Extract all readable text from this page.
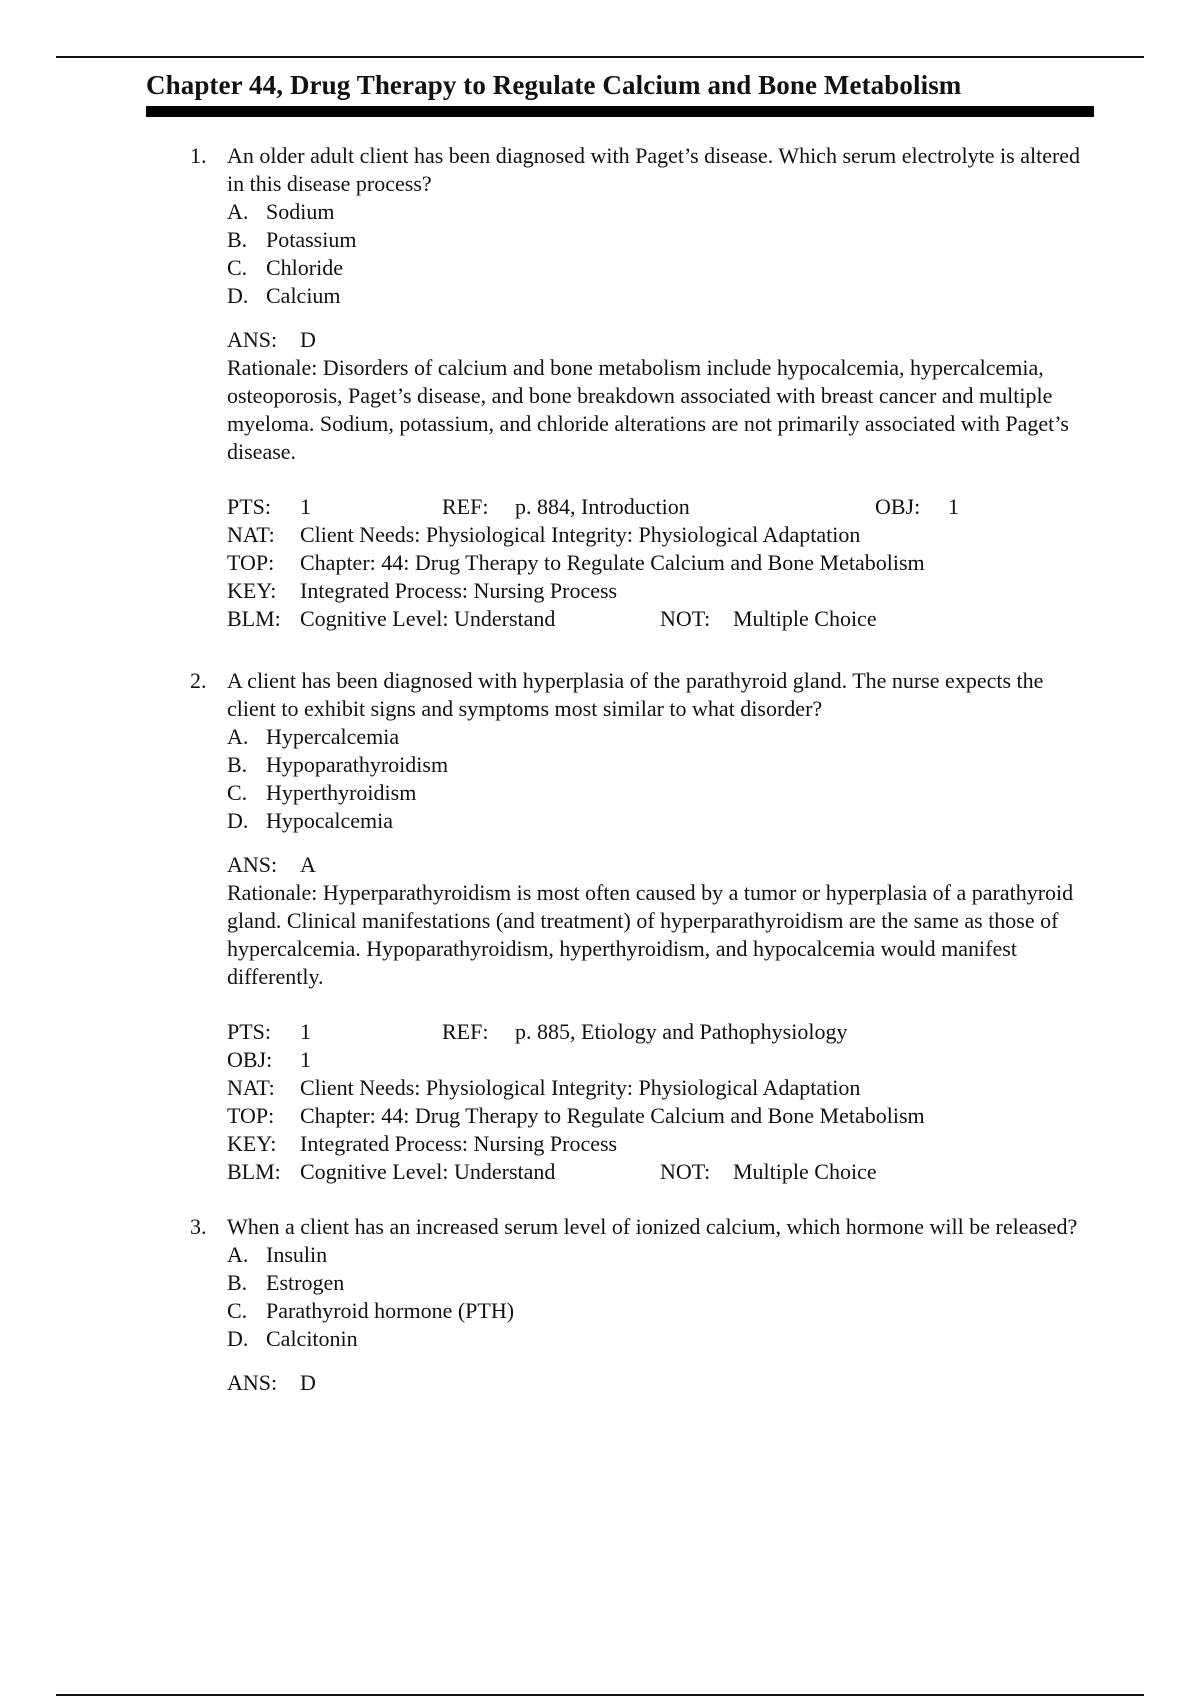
Chapter 44, Drug Therapy to Regulate Calcium and Bone Metabolism
1. An older adult client has been diagnosed with Paget’s disease. Which serum electrolyte is altered in this disease process?

A. Sodium
B. Potassium
C. Chloride
D. Calcium
ANS: D

Rationale: Disorders of calcium and bone metabolism include hypocalcemia, hypercalcemia, osteoporosis, Paget’s disease, and bone breakdown associated with breast cancer and multiple myeloma. Sodium, potassium, and chloride alterations are not primarily associated with Paget’s disease.

PTS:	1	REF: p. 884, Introduction	OBJ: 1
NAT:	Client Needs: Physiological Integrity: Physiological Adaptation
TOP:	Chapter: 44: Drug Therapy to Regulate Calcium and Bone Metabolism
KEY:	Integrated Process: Nursing Process
BLM: Cognitive Level: Understand	NOT:	Multiple Choice
2. A client has been diagnosed with hyperplasia of the parathyroid gland. The nurse expects the client to exhibit signs and symptoms most similar to what disorder?

A. Hypercalcemia
B. Hypoparathyroidism
C. Hyperthyroidism
D. Hypocalcemia
ANS: A

Rationale: Hyperparathyroidism is most often caused by a tumor or hyperplasia of a parathyroid gland. Clinical manifestations (and treatment) of hyperparathyroidism are the same as those of hypercalcemia. Hypoparathyroidism, hyperthyroidism, and hypocalcemia would manifest differently.

PTS:	1	REF: p. 885, Etiology and Pathophysiology
OBJ:	1
NAT:	Client Needs: Physiological Integrity: Physiological Adaptation
TOP:	Chapter: 44: Drug Therapy to Regulate Calcium and Bone Metabolism
KEY:	Integrated Process: Nursing Process
BLM: Cognitive Level: Understand	NOT:	Multiple Choice
3. When a client has an increased serum level of ionized calcium, which hormone will be released?

A. Insulin
B. Estrogen
C. Parathyroid hormone (PTH)
D. Calcitonin
ANS: D
